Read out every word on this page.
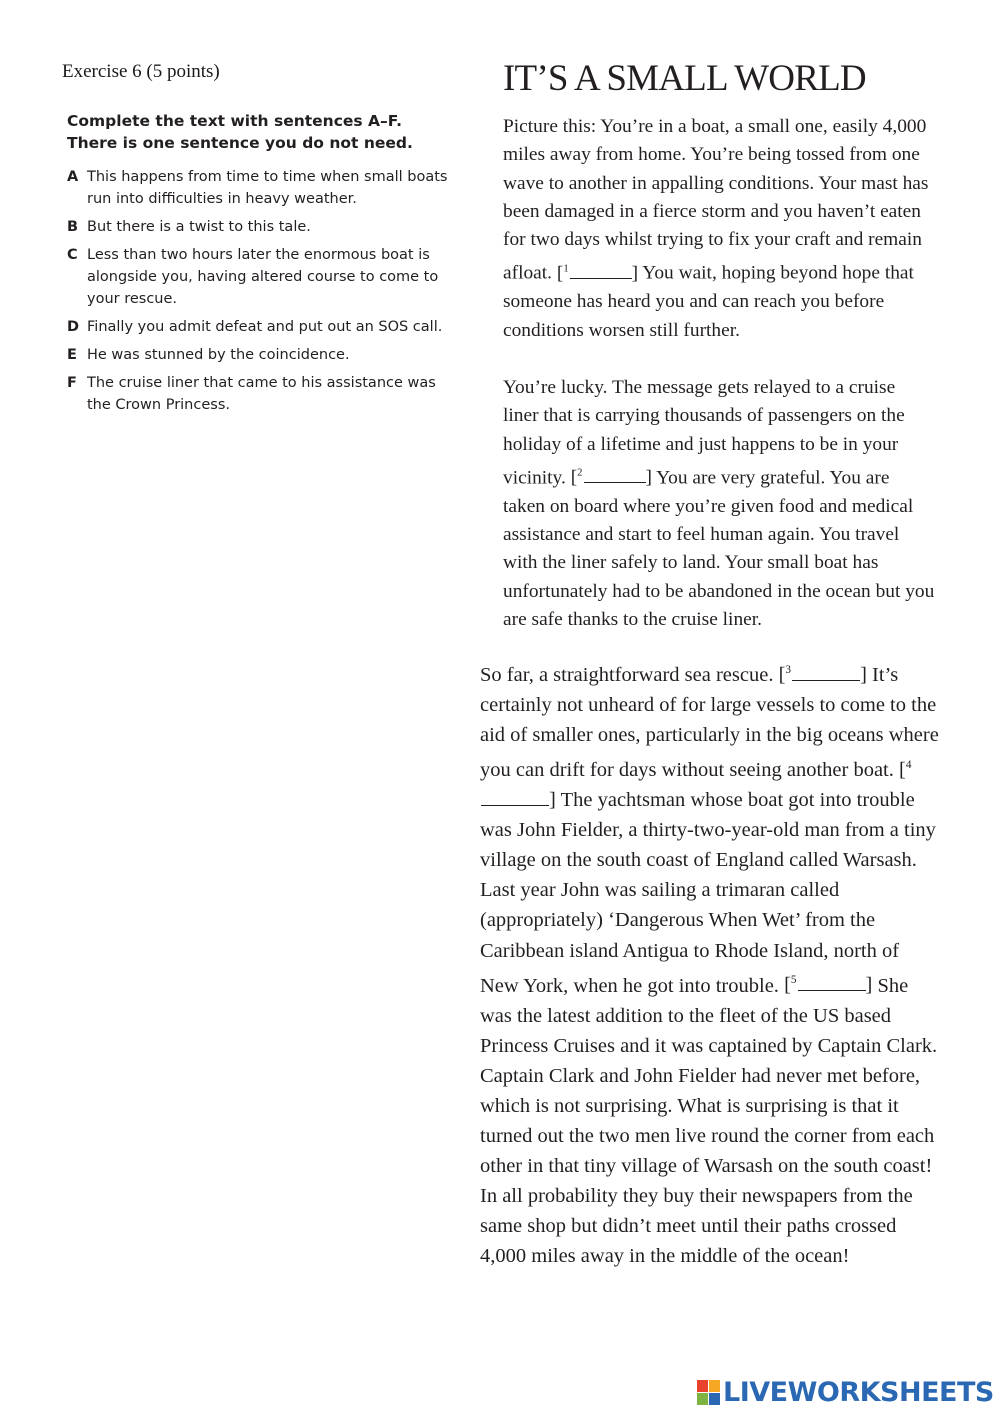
Exercise 6 (5 points)
Complete the text with sentences A–F. There is one sentence you do not need.
A This happens from time to time when small boats run into difficulties in heavy weather.
B But there is a twist to this tale.
C Less than two hours later the enormous boat is alongside you, having altered course to come to your rescue.
D Finally you admit defeat and put out an SOS call.
E He was stunned by the coincidence.
F The cruise liner that came to his assistance was the Crown Princess.
IT’S A SMALL WORLD

Picture this: You’re in a boat, a small one, easily 4,000 miles away from home. You’re being tossed from one wave to another in appalling conditions. Your mast has been damaged in a fierce storm and you haven’t eaten for two days whilst trying to fix your craft and remain afloat. [$^1$	] You wait, hoping beyond hope that someone has heard you and can reach you before conditions worsen still further.

You’re lucky. The message gets relayed to a cruise liner that is carrying thousands of passengers on the holiday of a lifetime and just happens to be in your vicinity. [$^2$	] You are very grateful. You are taken on board where you’re given food and medical assistance and start to feel human again. You travel with the liner safely to land. Your small boat has unfortunately had to be abandoned in the ocean but you are safe thanks to the cruise liner.

So far, a straightforward sea rescue. [$^3$	] It’s certainly not unheard of for large vessels to come to the aid of smaller ones, particularly in the big oceans where you can drift for days without seeing another boat. [$^4$] The yachtsman whose boat got into trouble was John Fielder, a thirty-two-year-old man from a tiny village on the south coast of England called Warsash. Last year John was sailing a trimaran called (appropriately) ‘Dangerous When Wet’ from the Caribbean island Antigua to Rhode Island, north of New York, when he got into trouble. [$^5$	] She was the latest addition to the fleet of the US based Princess Cruises and it was captained by Captain Clark. Captain Clark and John Fielder had never met before, which is not surprising. What is surprising is that it turned out the two men live round the corner from each other in that tiny village of Warsash on the south coast! In all probability they buy their newspapers from the same shop but didn’t meet until their paths crossed 4,000 miles away in the middle of the ocean!

LIVEWORKSHEETS
